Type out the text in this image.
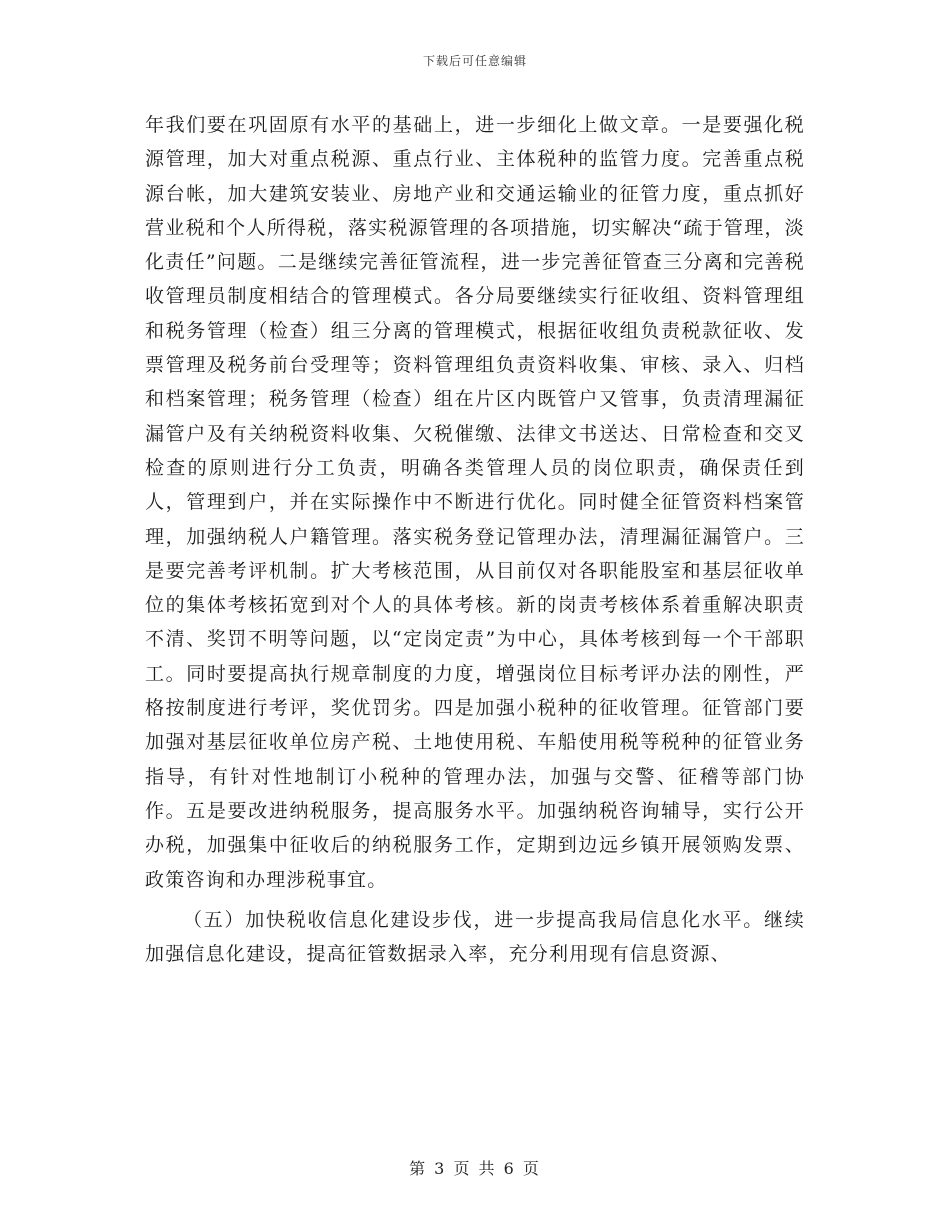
下载后可任意编辑

年我们要在巩固原有水平的基础上，进一步细化上做文章。一是要强化税源管理，加大对重点税源、重点行业、主体税种的监管力度。完善重点税源台帐，加大建筑安装业、房地产业和交通运输业的征管力度，重点抓好营业税和个人所得税，落实税源管理的各项措施，切实解决“疏于管理，淡化责任”问题。二是继续完善征管流程，进一步完善征管查三分离和完善税收管理员制度相结合的管理模式。各分局要继续实行征收组、资料管理组和税务管理（检查）组三分离的管理模式，根据征收组负责税款征收、发票管理及税务前台受理等；资料管理组负责资料收集、审核、录入、归档和档案管理；税务管理（检查）组在片区内既管户又管事，负责清理漏征漏管户及有关纳税资料收集、欠税催缴、法律文书送达、日常检查和交叉检查的原则进行分工负责，明确各类管理人员的岗位职责，确保责任到人，管理到户，并在实际操作中不断进行优化。同时健全征管资料档案管理，加强纳税人户籍管理。落实税务登记管理办法，清理漏征漏管户。三是要完善考评机制。扩大考核范围，从目前仅对各职能股室和基层征收单位的集体考核拓宽到对个人的具体考核。新的岗责考核体系着重解决职责不清、奖罚不明等问题，以“定岗定责”为中心，具体考核到每一个干部职工。同时要提高执行规章制度的力度，增强岗位目标考评办法的刚性，严格按制度进行考评，奖优罚劣。四是加强小税种的征收管理。征管部门要加强对基层征收单位房产税、土地使用税、车船使用税等税种的征管业务指导，有针对性地制订小税种的管理办法，加强与交警、征稽等部门协作。五是要改进纳税服务，提高服务水平。加强纳税咨询辅导，实行公开办税，加强集中征收后的纳税服务工作，定期到边远乡镇开展领购发票、政策咨询和办理涉税事宜。

（五）加快税收信息化建设步伐，进一步提高我局信息化水平。继续加强信息化建设，提高征管数据录入率，充分利用现有信息资源、

第 3 页 共 6 页
